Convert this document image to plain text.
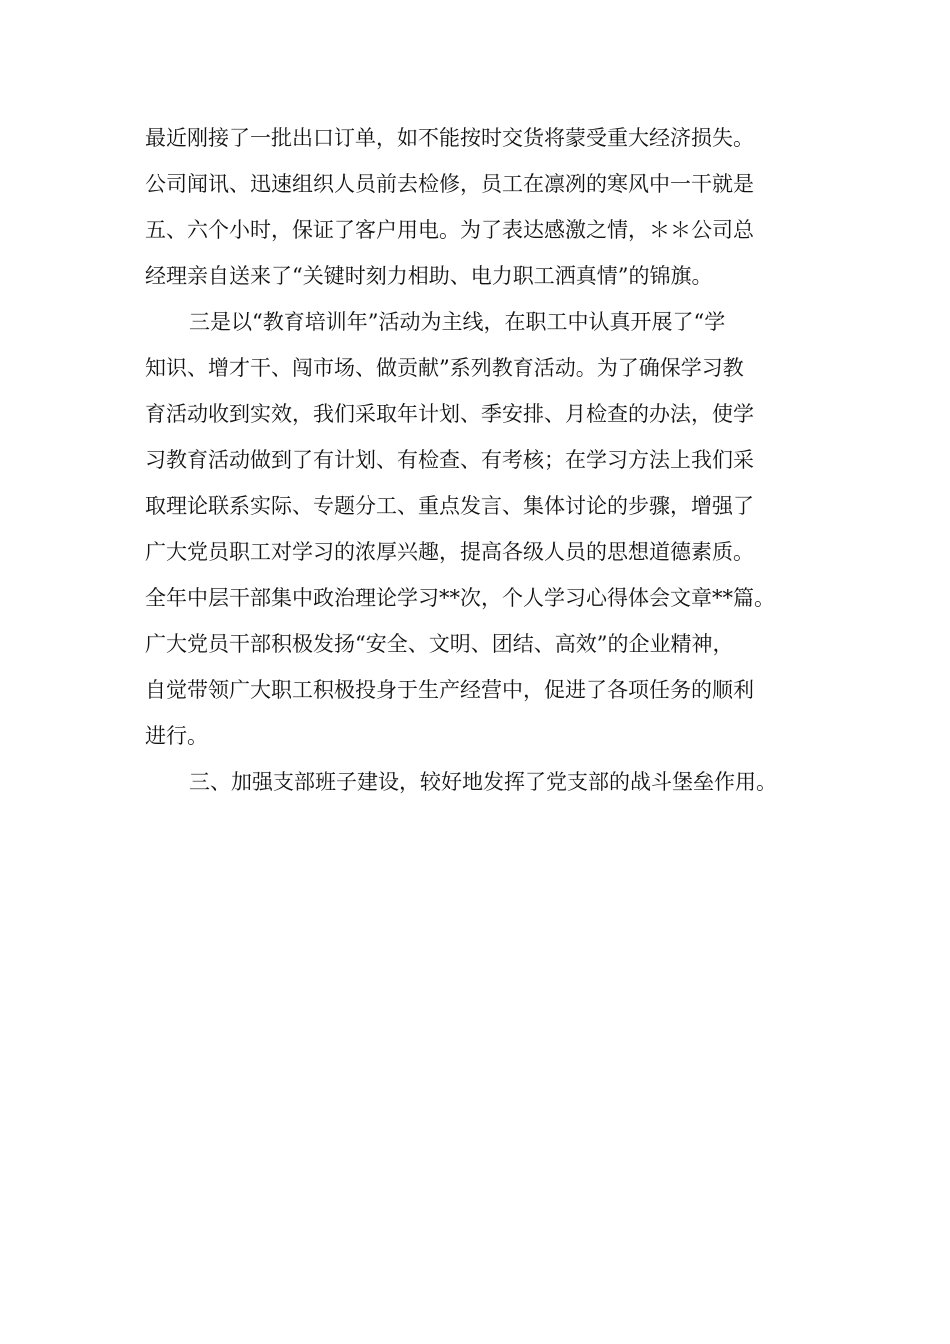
最近刚接了一批出口订单，如不能按时交货将蒙受重大经济损失。
公司闻讯、迅速组织人员前去检修，员工在凛冽的寒风中一干就是
五、六个小时，保证了客户用电。为了表达感激之情，＊＊公司总
经理亲自送来了“关键时刻力相助、电力职工洒真情”的锦旗。
三是以“教育培训年”活动为主线，在职工中认真开展了“学
知识、增才干、闯市场、做贡献”系列教育活动。为了确保学习教
育活动收到实效，我们采取年计划、季安排、月检查的办法，使学
习教育活动做到了有计划、有检查、有考核；在学习方法上我们采
取理论联系实际、专题分工、重点发言、集体讨论的步骤，增强了
广大党员职工对学习的浓厚兴趣，提高各级人员的思想道德素质。
全年中层干部集中政治理论学习**次，个人学习心得体会文章**篇。
广大党员干部积极发扬“安全、文明、团结、高效”的企业精神，
自觉带领广大职工积极投身于生产经营中，促进了各项任务的顺利
进行。
三、加强支部班子建设，较好地发挥了党支部的战斗堡垒作用。
